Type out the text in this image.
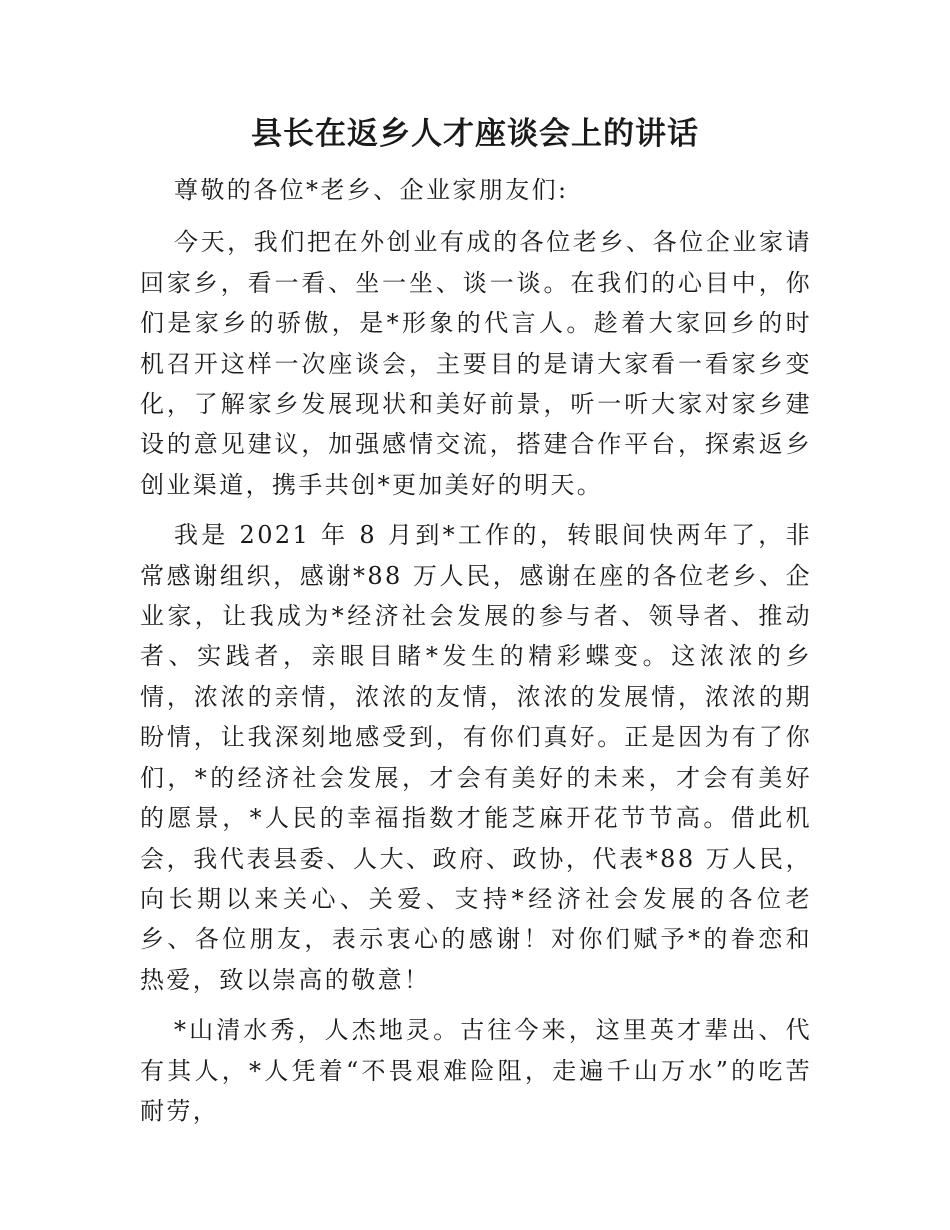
县长在返乡人才座谈会上的讲话

尊敬的各位*老乡、企业家朋友们:

今天，我们把在外创业有成的各位老乡、各位企业家请回家乡，看一看、坐一坐、谈一谈。在我们的心目中，你们是家乡的骄傲，是*形象的代言人。趁着大家回乡的时机召开这样一次座谈会，主要目的是请大家看一看家乡变化，了解家乡发展现状和美好前景，听一听大家对家乡建设的意见建议，加强感情交流，搭建合作平台，探索返乡创业渠道，携手共创*更加美好的明天。

我是 2021 年 8 月到*工作的，转眼间快两年了，非常感谢组织，感谢*88 万人民，感谢在座的各位老乡、企业家，让我成为*经济社会发展的参与者、领导者、推动者、实践者，亲眼目睹*发生的精彩蝶变。这浓浓的乡情，浓浓的亲情，浓浓的友情，浓浓的发展情，浓浓的期盼情，让我深刻地感受到，有你们真好。正是因为有了你们，*的经济社会发展，才会有美好的未来，才会有美好的愿景，*人民的幸福指数才能芝麻开花节节高。借此机会，我代表县委、人大、政府、政协，代表*88 万人民，向长期以来关心、关爱、支持*经济社会发展的各位老乡、各位朋友，表示衷心的感谢！对你们赋予*的眷恋和热爱，致以崇高的敬意！

*山清水秀，人杰地灵。古往今来，这里英才辈出、代有其人，*人凭着“不畏艰难险阻，走遍千山万水”的吃苦耐劳，
